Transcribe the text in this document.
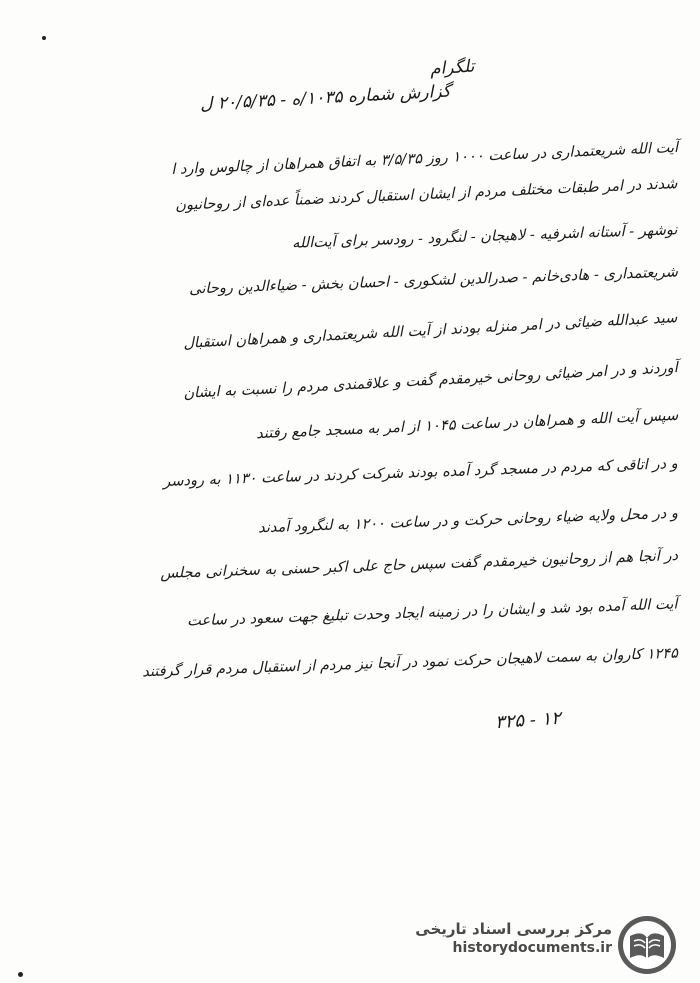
تلگرام
گزارش شماره ۱۰۳۵/ه - ۲۰/۵/۳۵ ل
آیت الله شریعتمداری در ساعت ۱۰۰۰ روز ۳/۵/۳۵ به اتفاق همراهان از چالوس وارد ا
شدند در امر طبقات مختلف مردم از ایشان استقبال کردند ضمناً عده‌ای از روحانیون
نوشهر - آستانه اشرفیه - لاهیجان - لنگرود - رودسر برای آیت‌الله
شریعتمداری - هادی‌خانم - صدرالدین لشکوری - احسان بخش - ضیاءالدین روحانی
سید عبدالله ضیائی در امر منزله بودند از آیت الله شریعتمداری و همراهان استقبال
آوردند و در امر ضیائی روحانی خیرمقدم گفت و علاقمندی مردم را نسبت به ایشان
سپس آیت الله و همراهان در ساعت ۱۰۴۵ از امر به مسجد جامع رفتند
و در اتاقی که مردم در مسجد گرد آمده بودند شرکت کردند در ساعت ۱۱۳۰ به رودسر
و در محل ولایه ضیاء روحانی حرکت و در ساعت ۱۲۰۰ به لنگرود آمدند
در آنجا هم از روحانیون خیرمقدم گفت سپس حاج علی اکبر حسنی به سخنرانی مجلس
آیت الله آمده بود شد و ایشان را در زمینه ایجاد وحدت تبلیغ جهت سعود در ساعت
۱۲۴۵ کاروان به سمت لاهیجان حرکت نمود در آنجا نیز مردم از استقبال مردم قرار گرفتند
۳۲۵ - ۱۲
مرکز بررسی اسناد تاریخی
historydocuments.ir
